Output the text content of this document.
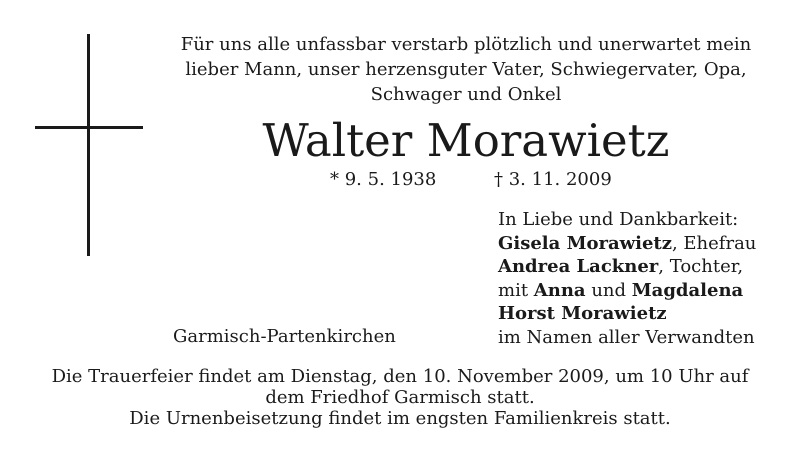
Für uns alle unfassbar verstarb plötzlich und unerwartet mein
lieber Mann, unser herzensguter Vater, Schwiegervater, Opa,
Schwager und Onkel
Walter Morawietz
* 9. 5. 1938	† 3. 11. 2009
In Liebe und Dankbarkeit:
Gisela Morawietz, Ehefrau
Andrea Lackner, Tochter,
mit Anna und Magdalena
Horst Morawietz
im Namen aller Verwandten
Garmisch-Partenkirchen
Die Trauerfeier findet am Dienstag, den 10. November 2009, um 10 Uhr auf
dem Friedhof Garmisch statt.
Die Urnenbeisetzung findet im engsten Familienkreis statt.
